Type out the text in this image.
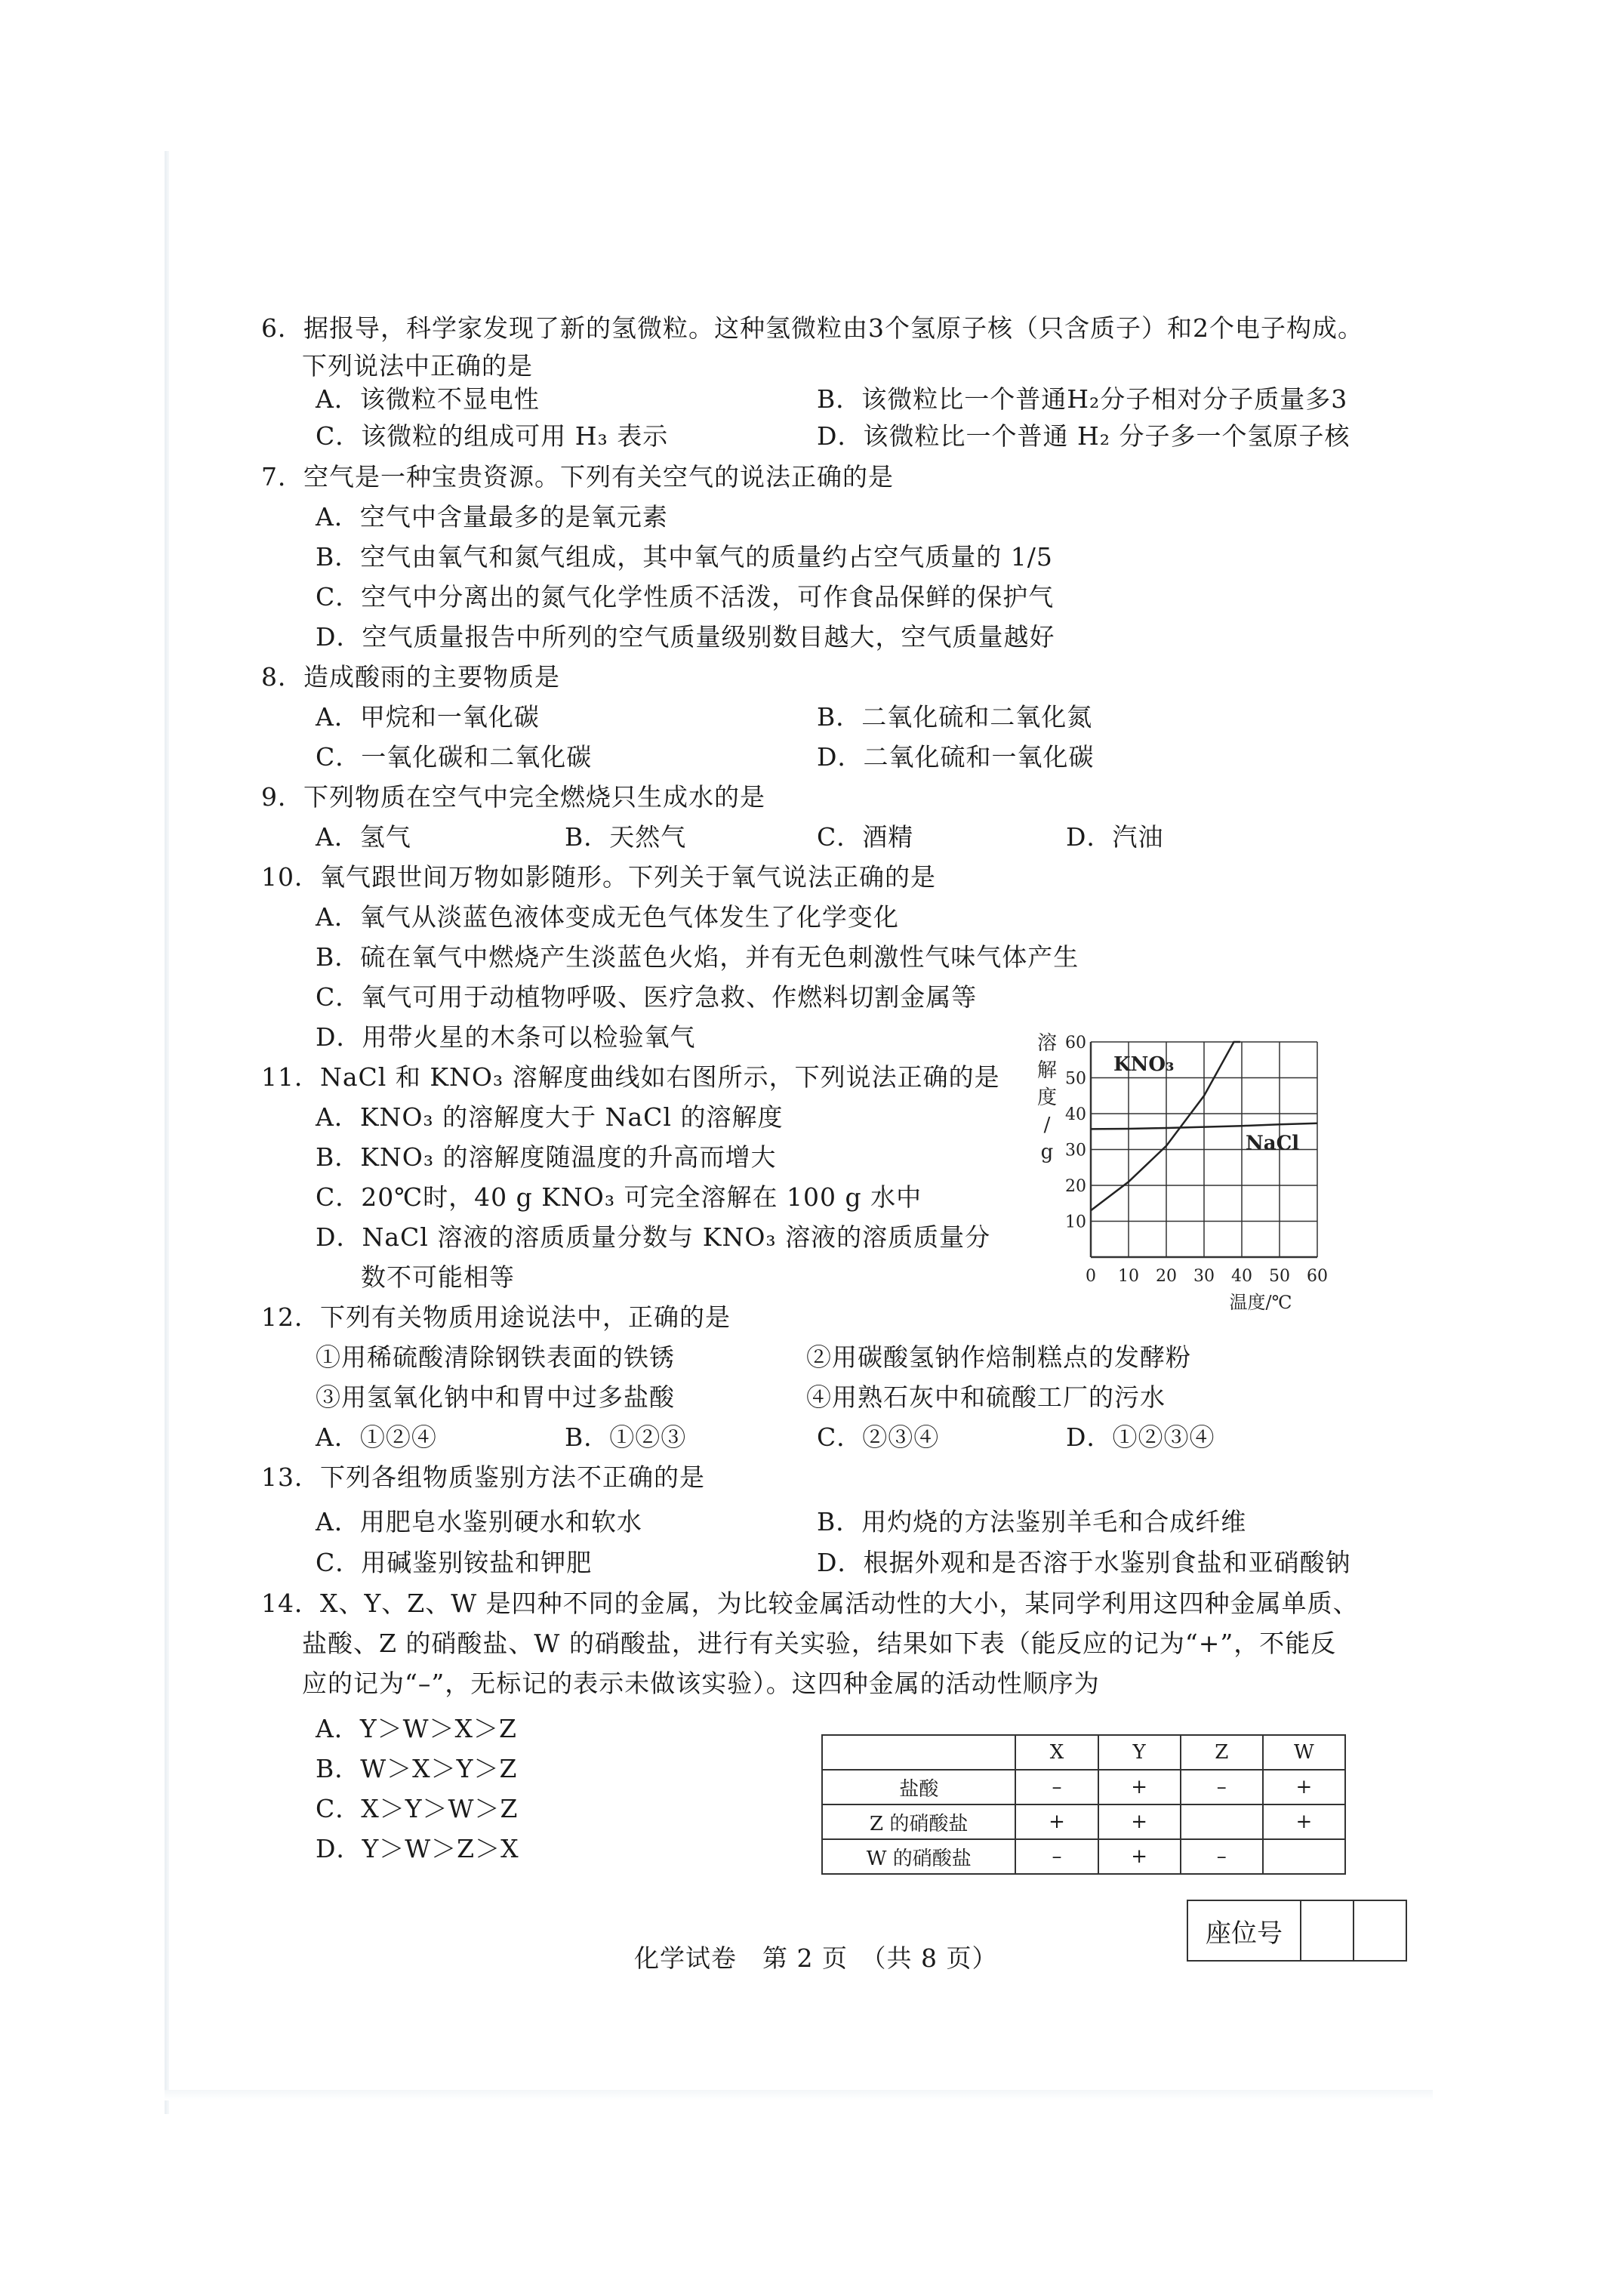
6．据报导，科学家发现了新的氢微粒。这种氢微粒由3个氢原子核（只含质子）和2个电子构成。
下列说法中正确的是
A．该微粒不显电性	B．该微粒比一个普通H₂分子相对分子质量多3
C．该微粒的组成可用 H₃ 表示	D．该微粒比一个普通 H₂ 分子多一个氢原子核
7．空气是一种宝贵资源。下列有关空气的说法正确的是
A．空气中含量最多的是氧元素
B．空气由氧气和氮气组成，其中氧气的质量约占空气质量的 1/5
C．空气中分离出的氮气化学性质不活泼，可作食品保鲜的保护气
D．空气质量报告中所列的空气质量级别数目越大，空气质量越好
8．造成酸雨的主要物质是
A．甲烷和一氧化碳	B．二氧化硫和二氧化氮
C．一氧化碳和二氧化碳	D．二氧化硫和一氧化碳
9．下列物质在空气中完全燃烧只生成水的是
A．氢气	B．天然气	C．酒精	D．汽油
10．氧气跟世间万物如影随形。下列关于氧气说法正确的是
A．氧气从淡蓝色液体变成无色气体发生了化学变化
B．硫在氧气中燃烧产生淡蓝色火焰，并有无色刺激性气味气体产生
C．氧气可用于动植物呼吸、医疗急救、作燃料切割金属等
D．用带火星的木条可以检验氧气
11．NaCl 和 KNO₃ 溶解度曲线如右图所示，下列说法正确的是
A．KNO₃ 的溶解度大于 NaCl 的溶解度
B．KNO₃ 的溶解度随温度的升高而增大
C．20℃时，40 g KNO₃ 可完全溶解在 100 g 水中
D．NaCl 溶液的溶质质量分数与 KNO₃ 溶液的溶质质量分
数不可能相等
12．下列有关物质用途说法中，正确的是
①用稀硫酸清除钢铁表面的铁锈	②用碳酸氢钠作焙制糕点的发酵粉
③用氢氧化钠中和胃中过多盐酸	④用熟石灰中和硫酸工厂的污水
A．①②④	B．①②③	C．②③④	D．①②③④
13．下列各组物质鉴别方法不正确的是
A．用肥皂水鉴别硬水和软水	B．用灼烧的方法鉴别羊毛和合成纤维
C．用碱鉴别铵盐和钾肥	D．根据外观和是否溶于水鉴别食盐和亚硝酸钠
14．X、Y、Z、W 是四种不同的金属，为比较金属活动性的大小，某同学利用这四种金属单质、
盐酸、Z 的硝酸盐、W 的硝酸盐，进行有关实验，结果如下表（能反应的记为“+”，不能反
应的记为“–”，无标记的表示未做该实验）。这四种金属的活动性顺序为
A．Y＞W＞X＞Z
B．W＞X＞Y＞Z
C．X＞Y＞W＞Z
D．Y＞W＞Z＞X
0 10 20 30 40 50 60
10
20
30
40
50
60
溶
解
度
/
g
温度/℃
KNO₃
NaCl
	X	Y	Z	W
盐酸	–	+	–	+
Z 的硝酸盐	+	+		+
W 的硝酸盐	–	+	–	
化学试卷　第 2 页　（共 8 页）
座位号
